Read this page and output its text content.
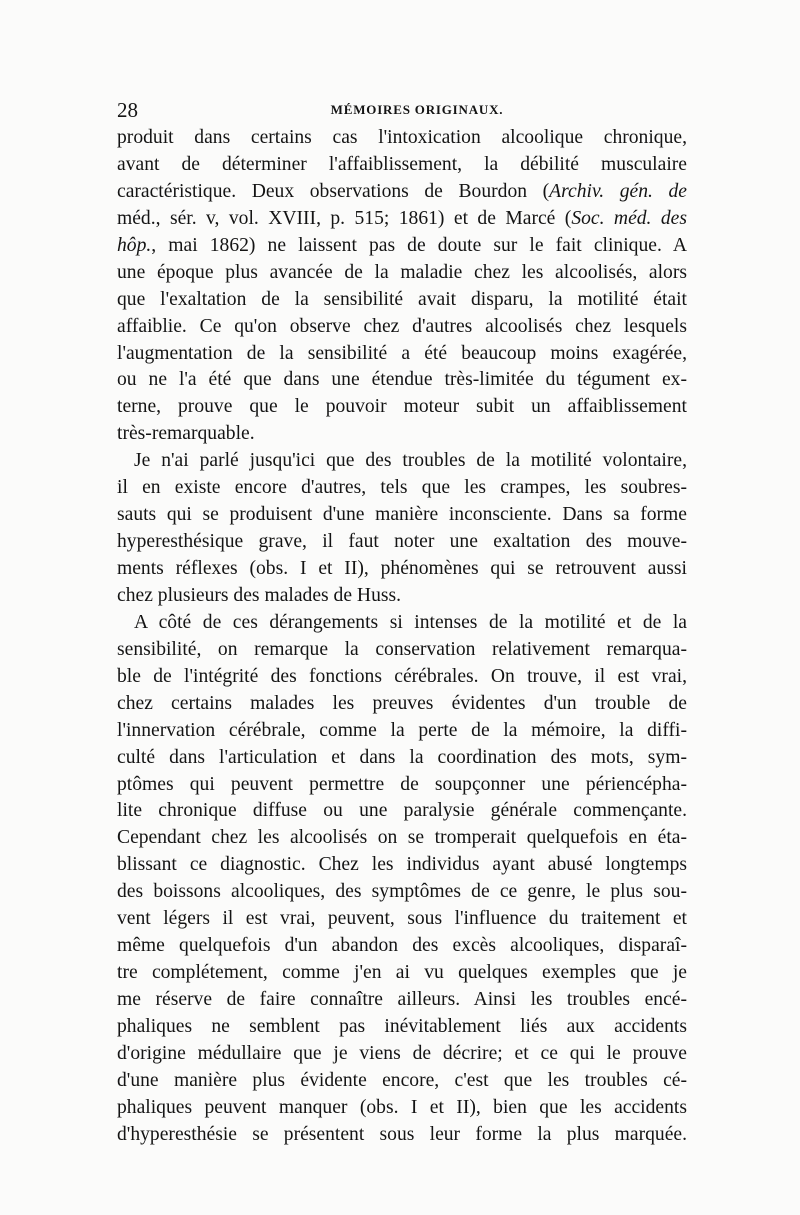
28	MÉMOIRES ORIGINAUX.
produit dans certains cas l'intoxication alcoolique chronique,
avant de déterminer l'affaiblissement, la débilité musculaire
caractéristique. Deux observations de Bourdon (Archiv. gén. de
méd., sér. v, vol. XVIII, p. 515; 1861) et de Marcé (Soc. méd. des
hôp., mai 1862) ne laissent pas de doute sur le fait clinique. A
une époque plus avancée de la maladie chez les alcoolisés, alors
que l'exaltation de la sensibilité avait disparu, la motilité était
affaiblie. Ce qu'on observe chez d'autres alcoolisés chez lesquels
l'augmentation de la sensibilité a été beaucoup moins exagérée,
ou ne l'a été que dans une étendue très-limitée du tégument ex-
terne, prouve que le pouvoir moteur subit un affaiblissement
très-remarquable.
Je n'ai parlé jusqu'ici que des troubles de la motilité volontaire,
il en existe encore d'autres, tels que les crampes, les soubres-
sauts qui se produisent d'une manière inconsciente. Dans sa forme
hyperesthésique grave, il faut noter une exaltation des mouve-
ments réflexes (obs. I et II), phénomènes qui se retrouvent aussi
chez plusieurs des malades de Huss.
A côté de ces dérangements si intenses de la motilité et de la
sensibilité, on remarque la conservation relativement remarqua-
ble de l'intégrité des fonctions cérébrales. On trouve, il est vrai,
chez certains malades les preuves évidentes d'un trouble de
l'innervation cérébrale, comme la perte de la mémoire, la diffi-
culté dans l'articulation et dans la coordination des mots, sym-
ptômes qui peuvent permettre de soupçonner une périencépha-
lite chronique diffuse ou une paralysie générale commençante.
Cependant chez les alcoolisés on se tromperait quelquefois en éta-
blissant ce diagnostic. Chez les individus ayant abusé longtemps
des boissons alcooliques, des symptômes de ce genre, le plus sou-
vent légers il est vrai, peuvent, sous l'influence du traitement et
même quelquefois d'un abandon des excès alcooliques, disparaî-
tre complétement, comme j'en ai vu quelques exemples que je
me réserve de faire connaître ailleurs. Ainsi les troubles encé-
phaliques ne semblent pas inévitablement liés aux accidents
d'origine médullaire que je viens de décrire; et ce qui le prouve
d'une manière plus évidente encore, c'est que les troubles cé-
phaliques peuvent manquer (obs. I et II), bien que les accidents
d'hyperesthésie se présentent sous leur forme la plus marquée.
